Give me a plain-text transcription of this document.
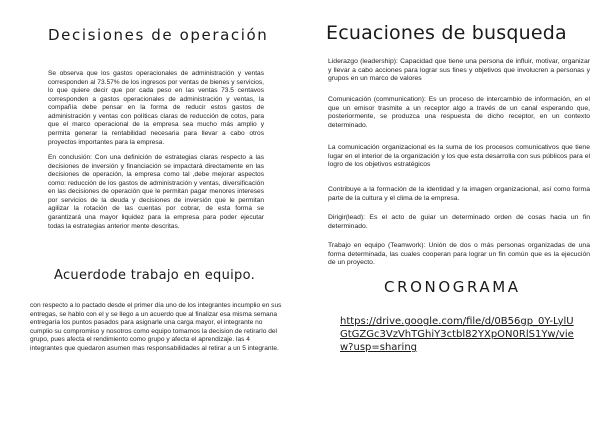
Decisiones de operación

Se observa que los gastos operacionales de administración y ventas corresponden al 73.57% de los ingresos por ventas de bienes y servicios, lo que quiere decir que por cada peso en las ventas 73.5 centavos corresponden a gastos operacionales de administración y ventas, la compañía debe pensar en la forma de reducir estos gastos de administración y ventas con políticas claras de reducción de cotos, para que el marco operacional de la empresa sea mucho más amplio y permita generar la rentabilidad necesaria para llevar a cabo otros proyectos importantes para la empresa.

En conclusión: Con una definición de estrategias claras respecto a las decisiones de inversión y financiación se impactará directamente en las decisiones de operación, la empresa como tal ,debe mejorar aspectos como: reducción de los gastos de administración y ventas, diversificación en las decisiones de operación que le permitan pagar menores intereses por servicios de la deuda y decisiones de inversión que le permitan agilizar la rotación de las cuentas por cobrar, de esta forma se garantizará una mayor liquidez para la empresa para poder ejecutar todas la estrategias anterior mente descritas.

Acuerdode trabajo en equipo.

con respecto a lo pactado desde el primer día uno de los integrantes incumplio en sus entregas, se hablo con el y se llego a un acuerdo que al finalizar esa misma semana entregaría los puntos pasados para asignarle una carga mayor, el integrante no cumplio su compromiso y nosotros como equipo tomamos la decision de retirarlo del grupo, pues afecta el rendimiento como grupo y afecta el aprendizaje. las 4 integrantes que quedaron asumen mas responsabilidades al retirar a un 5 integrante.

Ecuaciones de busqueda

Liderazgo (leadership): Capacidad que tiene una persona de influir, motivar, organizar y llevar a cabo acciones para lograr sus fines y objetivos que involucren a personas y grupos en un marco de valores

Comunicación (communication): Es un proceso de intercambio de información, en el que un emisor trasmite a un receptor algo a través de un canal esperando que, posteriormente, se produzca una respuesta de dicho receptor, en un contexto determinado.

La comunicación organizacional es la suma de los procesos comunicativos que tiene lugar en el interior de la organización y los que esta desarrolla con sus públicos para el logro de los objetivos estratégicos

Contribuye a la formación de la identidad y la imagen organizacional, así como forma parte de la cultura y el clima de la empresa.

Dirigir(lead): Es el acto de guiar un determinado orden de cosas hacia un fin determinado.

Trabajo en equipo (Teamwork): Unión de dos o más personas organizadas de una forma determinada, las cuales cooperan para lograr un fin común que es la ejecución de un proyecto.

CRONOGRAMA

https://drive.google.com/file/d/0B56gp_0Y-LylUGtGZGc3VzVhTGhiY3ctbl82YXpON0RlS1Yw/view?usp=sharing
